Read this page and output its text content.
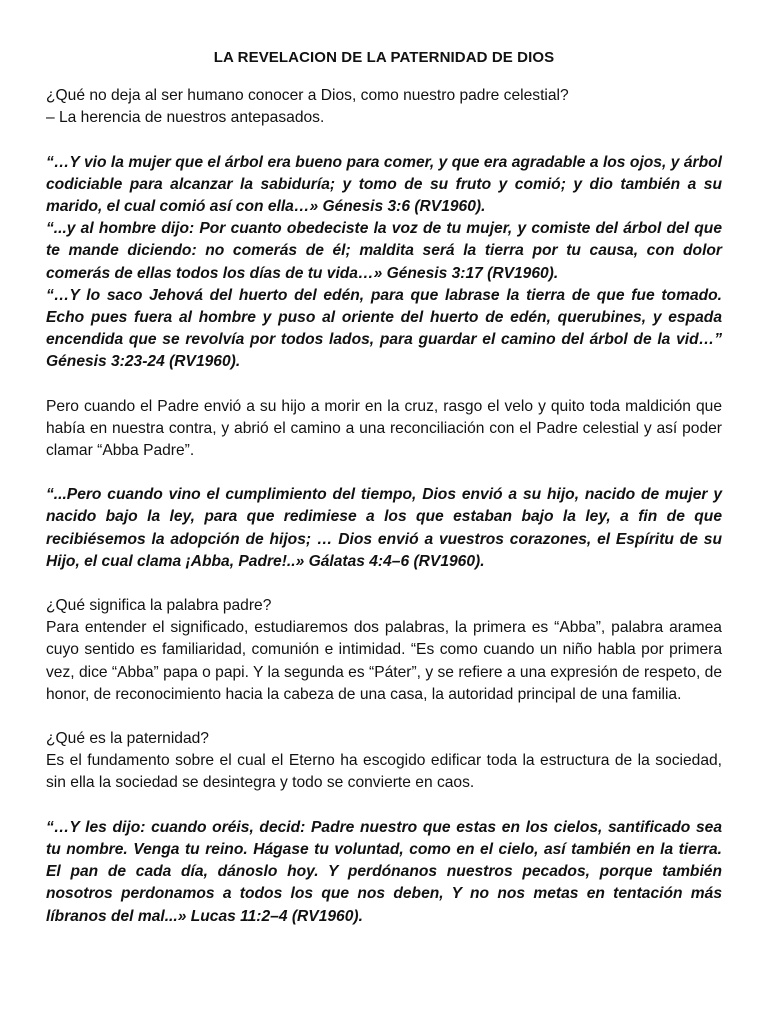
LA REVELACION DE LA PATERNIDAD DE DIOS

¿Qué no deja al ser humano conocer a Dios, como nuestro padre celestial?

– La herencia de nuestros antepasados.

“…Y vio la mujer que el árbol era bueno para comer, y que era agradable a los ojos, y árbol codiciable para alcanzar la sabiduría; y tomo de su fruto y comió; y dio también a su marido, el cual comió así con ella…» Génesis 3:6 (RV1960).

“...y al hombre dijo: Por cuanto obedeciste la voz de tu mujer, y comiste del árbol del que te mande diciendo: no comerás de él; maldita será la tierra por tu causa, con dolor comerás de ellas todos los días de tu vida…» Génesis 3:17 (RV1960).

“…Y lo saco Jehová del huerto del edén, para que labrase la tierra de que fue tomado. Echo pues fuera al hombre y puso al oriente del huerto de edén, querubines, y espada encendida que se revolvía por todos lados, para guardar el camino del árbol de la vid…” Génesis 3:23-24 (RV1960).

Pero cuando el Padre envió a su hijo a morir en la cruz, rasgo el velo y quito toda maldición que había en nuestra contra, y abrió el camino a una reconciliación con el Padre celestial y así poder clamar “Abba Padre”.

“...Pero cuando vino el cumplimiento del tiempo, Dios envió a su hijo, nacido de mujer y nacido bajo la ley, para que redimiese a los que estaban bajo la ley, a fin de que recibiésemos la adopción de hijos; … Dios envió a vuestros corazones, el Espíritu de su Hijo, el cual clama ¡Abba, Padre!..» Gálatas 4:4–6 (RV1960).

¿Qué significa la palabra padre?

Para entender el significado, estudiaremos dos palabras, la primera es “Abba”, palabra aramea cuyo sentido es familiaridad, comunión e intimidad. “Es como cuando un niño habla por primera vez, dice “Abba” papa o papi. Y la segunda es “Páter”, y se refiere a una expresión de respeto, de honor, de reconocimiento hacia la cabeza de una casa, la autoridad principal de una familia.

¿Qué es la paternidad?

Es el fundamento sobre el cual el Eterno ha escogido edificar toda la estructura de la sociedad, sin ella la sociedad se desintegra y todo se convierte en caos.

“…Y les dijo: cuando oréis, decid: Padre nuestro que estas en los cielos, santificado sea tu nombre. Venga tu reino. Hágase tu voluntad, como en el cielo, así también en la tierra. El pan de cada día, dánoslo hoy. Y perdónanos nuestros pecados, porque también nosotros perdonamos a todos los que nos deben, Y no nos metas en tentación más líbranos del mal...» Lucas 11:2–4 (RV1960).
